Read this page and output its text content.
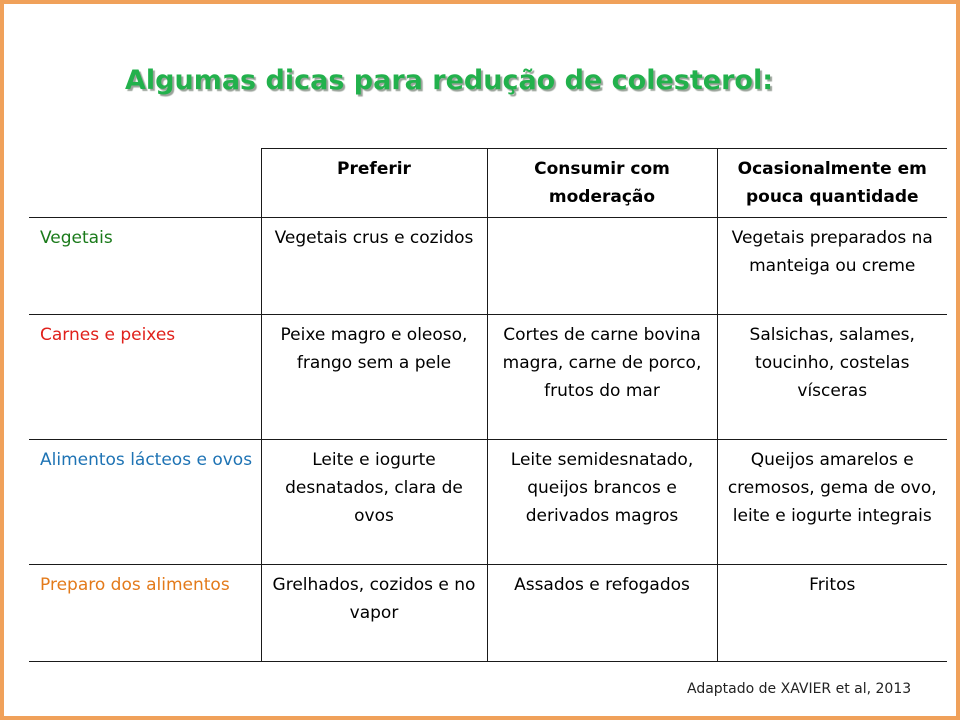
Algumas dicas para redução de colesterol:
	Preferir	Consumir com moderação	Ocasionalmente em pouca quantidade
Vegetais	Vegetais crus e cozidos		Vegetais preparados na manteiga ou creme
Carnes e peixes	Peixe magro e oleoso, frango sem a pele	Cortes de carne bovina magra, carne de porco, frutos do mar	Salsichas, salames, toucinho, costelas vísceras
Alimentos lácteos e ovos	Leite e iogurte desnatados, clara de ovos	Leite semidesnatado, queijos brancos e derivados magros	Queijos amarelos e cremosos, gema de ovo, leite e iogurte integrais
Preparo dos alimentos	Grelhados, cozidos e no vapor	Assados e refogados	Fritos
Adaptado de XAVIER et al, 2013
